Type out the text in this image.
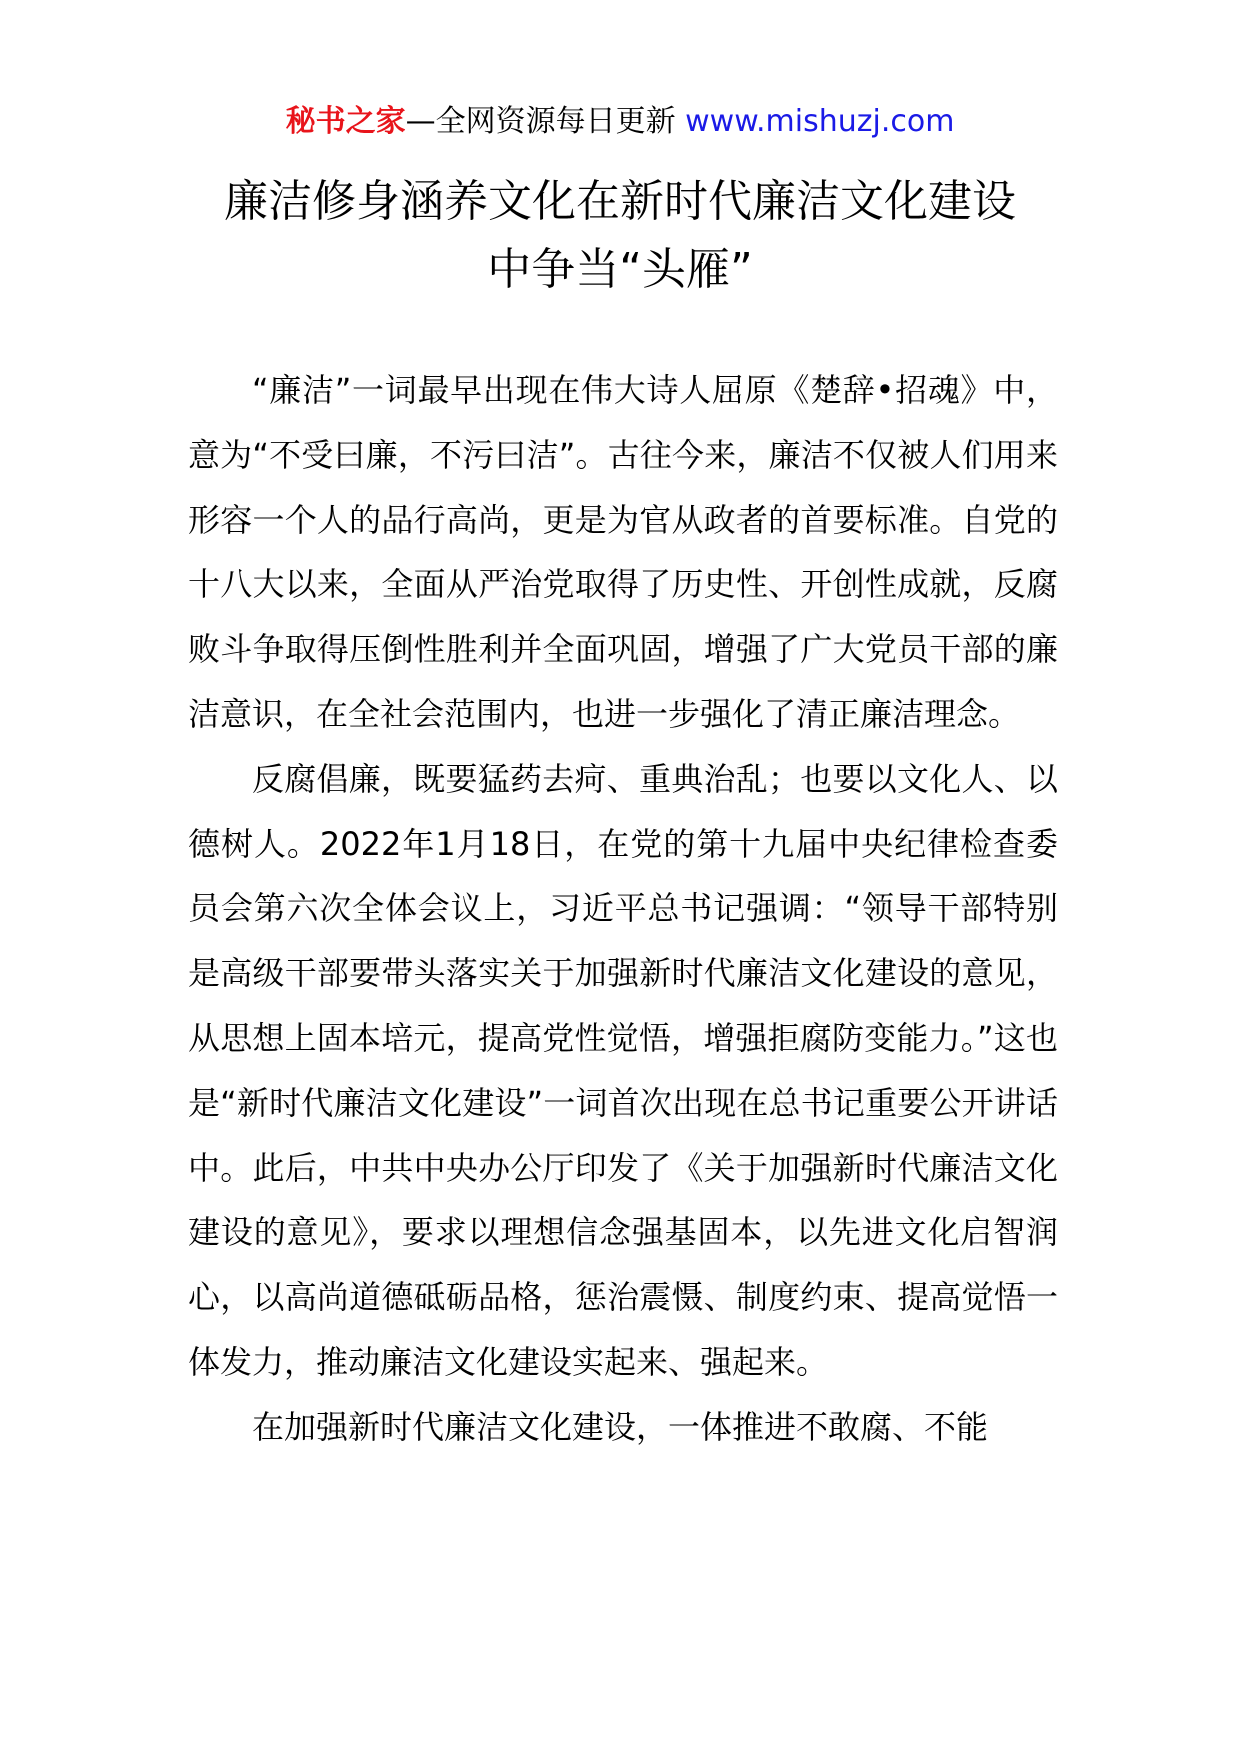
秘书之家—全网资源每日更新 www.mishuzj.com
廉洁修身涵养文化在新时代廉洁文化建设
中争当“头雁”

“廉洁”一词最早出现在伟大诗人屈原《楚辞•招魂》中，意为“不受曰廉，不污曰洁”。古往今来，廉洁不仅被人们用来形容一个人的品行高尚，更是为官从政者的首要标准。自党的十八大以来，全面从严治党取得了历史性、开创性成就，反腐败斗争取得压倒性胜利并全面巩固，增强了广大党员干部的廉洁意识，在全社会范围内，也进一步强化了清正廉洁理念。

反腐倡廉，既要猛药去疴、重典治乱；也要以文化人、以德树人。2022年1月18日，在党的第十九届中央纪律检查委员会第六次全体会议上，习近平总书记强调：“领导干部特别是高级干部要带头落实关于加强新时代廉洁文化建设的意见，从思想上固本培元，提高党性觉悟，增强拒腐防变能力。”这也是“新时代廉洁文化建设”一词首次出现在总书记重要公开讲话中。此后，中共中央办公厅印发了《关于加强新时代廉洁文化建设的意见》，要求以理想信念强基固本，以先进文化启智润心，以高尚道德砥砺品格，惩治震慑、制度约束、提高觉悟一体发力，推动廉洁文化建设实起来、强起来。

在加强新时代廉洁文化建设，一体推进不敢腐、不能
